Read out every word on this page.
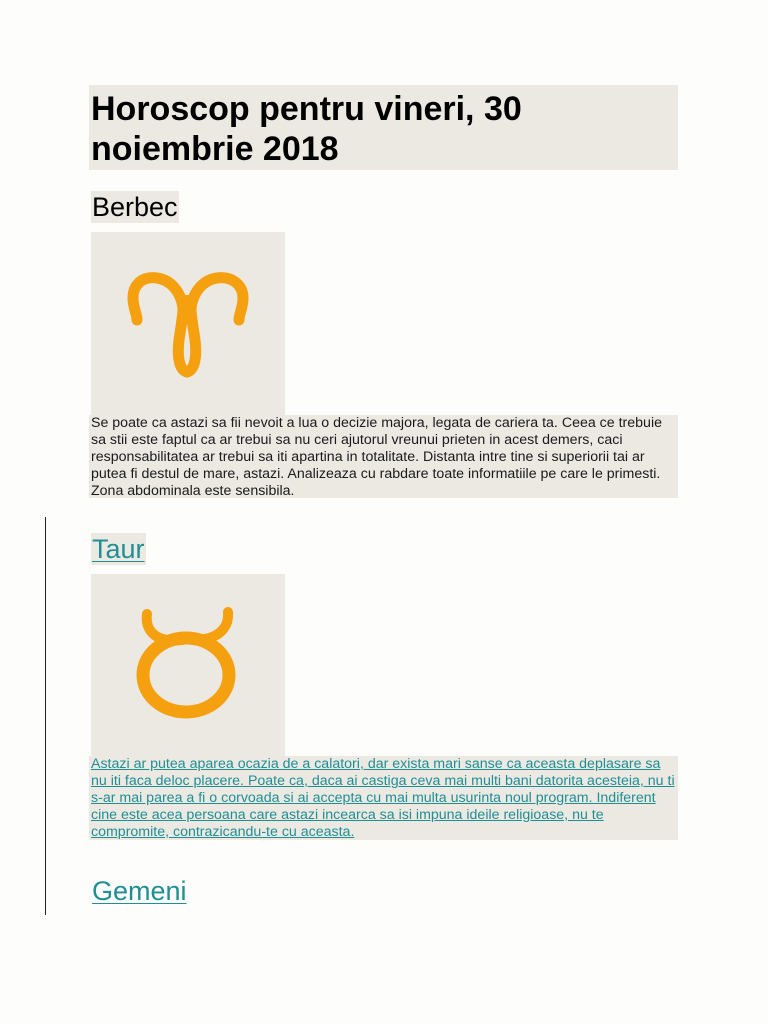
Horoscop pentru vineri, 30 noiembrie 2018
Berbec
Se poate ca astazi sa fii nevoit a lua o decizie majora, legata de cariera ta. Ceea ce trebuie sa stii este faptul ca ar trebui sa nu ceri ajutorul vreunui prieten in acest demers, caci responsabilitatea ar trebui sa iti apartina in totalitate. Distanta intre tine si superiorii tai ar putea fi destul de mare, astazi. Analizeaza cu rabdare toate informatiile pe care le primesti. Zona abdominala este sensibila.
Taur
Astazi ar putea aparea ocazia de a calatori, dar exista mari sanse ca aceasta deplasare sa nu iti faca deloc placere. Poate ca, daca ai castiga ceva mai multi bani datorita acesteia, nu ti s-ar mai parea a fi o corvoada si ai accepta cu mai multa usurinta noul program. Indiferent cine este acea persoana care astazi incearca sa isi impuna ideile religioase, nu te compromite, contrazicandu-te cu aceasta.
Gemeni
